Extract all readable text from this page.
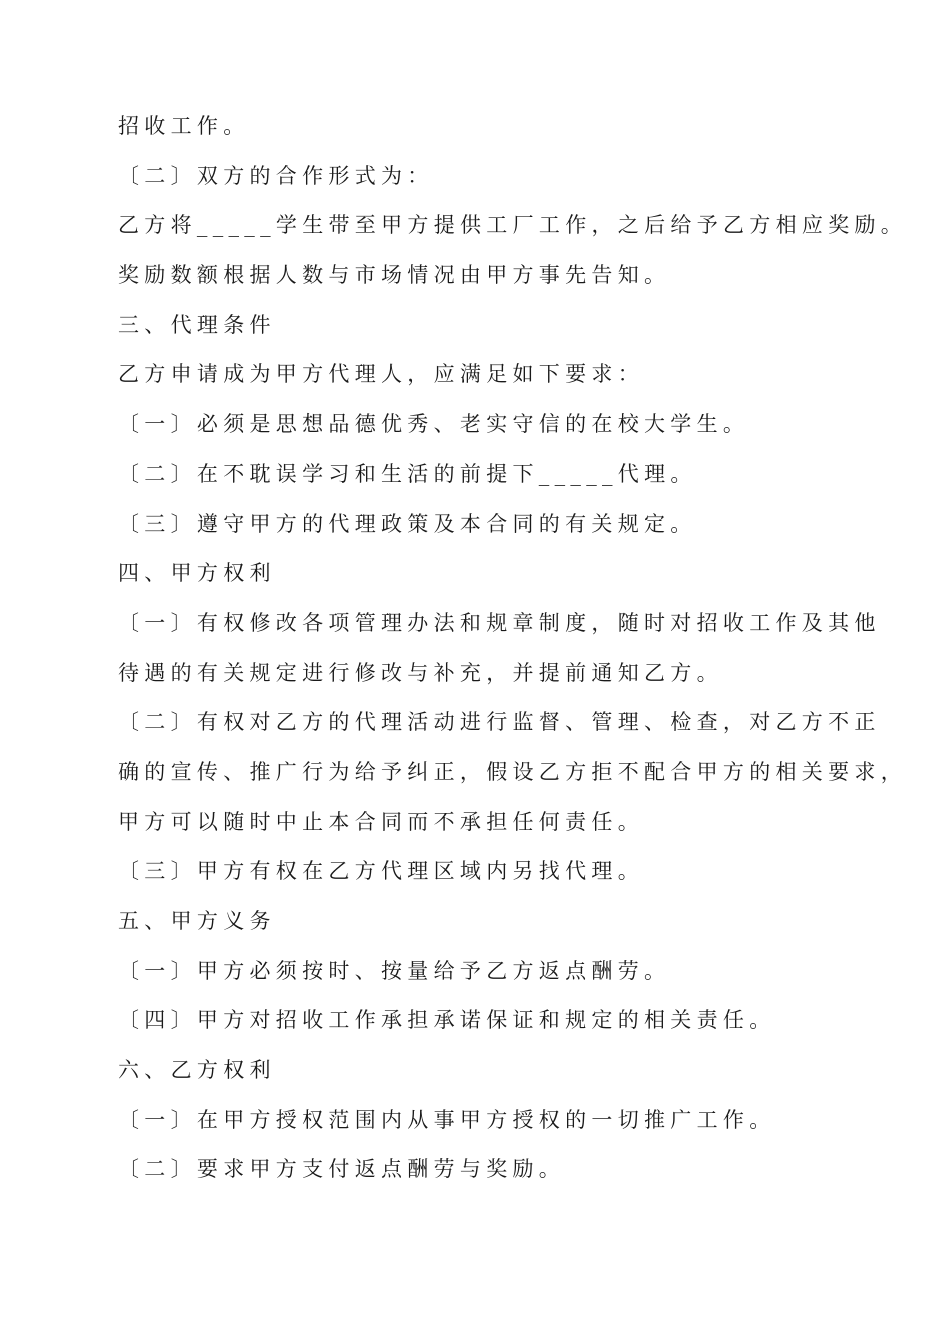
招收工作。
〔二〕双方的合作形式为：
乙方将_____学生带至甲方提供工厂工作，之后给予乙方相应奖励。
奖励数额根据人数与市场情况由甲方事先告知。
三、代理条件
乙方申请成为甲方代理人，应满足如下要求：
〔一〕必须是思想品德优秀、老实守信的在校大学生。
〔二〕在不耽误学习和生活的前提下_____代理。
〔三〕遵守甲方的代理政策及本合同的有关规定。
四、甲方权利
〔一〕有权修改各项管理办法和规章制度，随时对招收工作及其他
待遇的有关规定进行修改与补充，并提前通知乙方。
〔二〕有权对乙方的代理活动进行监督、管理、检查，对乙方不正
确的宣传、推广行为给予纠正，假设乙方拒不配合甲方的相关要求，
甲方可以随时中止本合同而不承担任何责任。
〔三〕甲方有权在乙方代理区域内另找代理。
五、甲方义务
〔一〕甲方必须按时、按量给予乙方返点酬劳。
〔四〕甲方对招收工作承担承诺保证和规定的相关责任。
六、乙方权利
〔一〕在甲方授权范围内从事甲方授权的一切推广工作。
〔二〕要求甲方支付返点酬劳与奖励。
